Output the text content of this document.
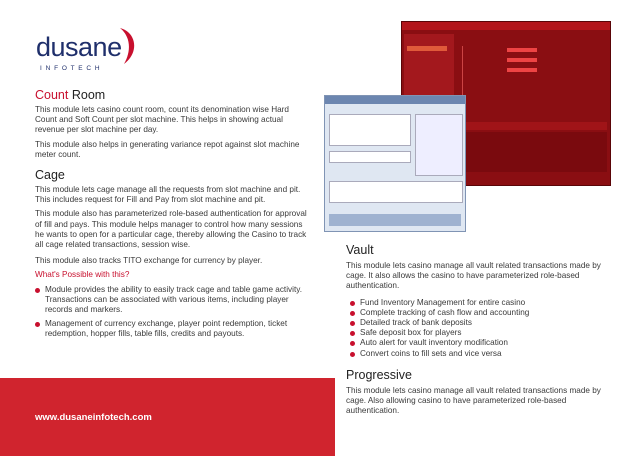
dusane
I N F O T E C H
Count Room
This module lets casino count room, count its denomination wise Hard Count and Soft Count per slot machine. This helps in showing actual revenue per slot machine per day.
This module also helps in generating variance repot against slot machine meter count.
Cage
This module lets cage manage all the requests from slot machine and pit. This includes request for Fill and Pay from slot machine and pit.
This module also has parameterized role-based authentication for approval of fill and pays. This module helps manager to control how many sessions he wants to open for a particular cage, thereby allowing the Casino to track all cage related transactions, session wise.
This module also tracks TITO exchange for currency by player.
What's Possible with this?
Module provides the ability to easily track cage and table game activity. Transactions can be associated with various items, including player records and markers.
Management of currency exchange, player point redemption, ticket redemption, hopper fills, table fills, credits and payouts.
www.dusaneinfotech.com
Vault
This module lets casino manage all vault related transactions made by cage. It also allows the casino to have parameterized role-based authentication.
Fund Inventory Management for entire casino
Complete tracking of cash flow and accounting
Detailed track of bank deposits
Safe deposit box for players
Auto alert for vault inventory modification
Convert coins to fill sets and vice versa
Progressive
This module lets casino manage all vault related transactions made by cage. Also allowing casino to have parameterized role-based authentication.
